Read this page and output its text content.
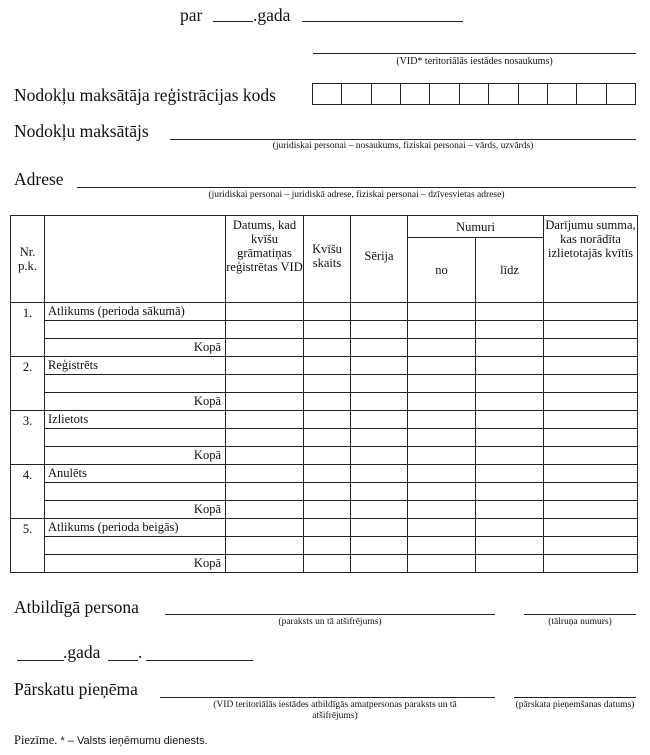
par	.gada
(VID* teritoriālās iestādes nosaukums)
Nodokļu maksātāja reģistrācijas kods
Nodokļu maksātājs
(juridiskai personai – nosaukums, fiziskai personai – vārds, uzvārds)
Adrese
(juridiskai personai – juridiskā adrese, fiziskai personai – dzīvesvietas adrese)
Nr. p.k.		Datums, kad kvīšu grāmatiņas reģistrētas VID	Kvīšu skaits	Sērija	Numuri		Darījumu summa, kas norādīta izlietotajās kvītīs	
					no	līdz		
1.	Atlikums (perioda sākumā)							

	Kopā							
2.	Reģistrēts							

	Kopā							
3.	Izlietots							

	Kopā							
4.	Anulēts							

	Kopā							
5.	Atlikums (perioda beigās)							

	Kopā							
Atbildīgā persona
(paraksts un tā atšifrējums)	(tālruņa numurs)
.gada .
Pārskatu pieņēma
(VID teritoriālās iestādes atbildīgās amatpersonas paraksts un tā atšifrējums)
(pārskata pieņemšanas datums)
Piezīme. * – Valsts ieņēmumu dienests.
